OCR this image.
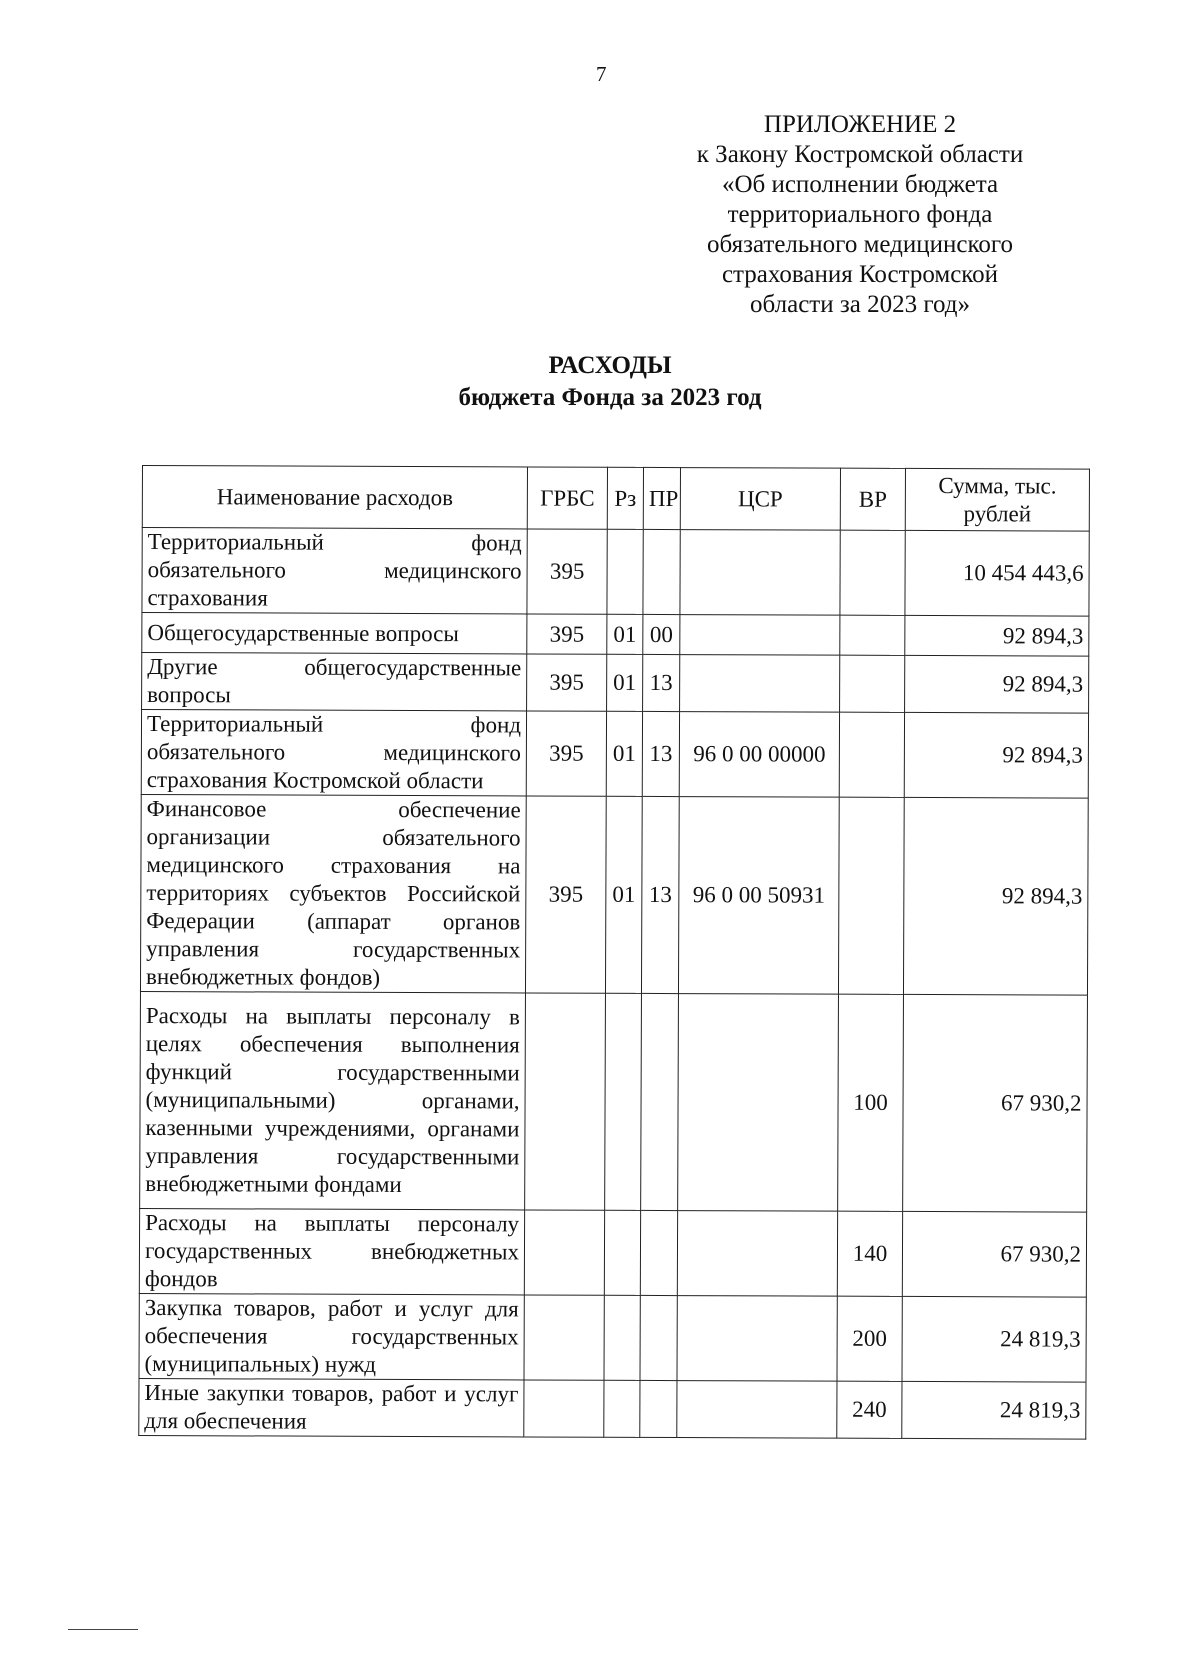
7
ПРИЛОЖЕНИЕ 2
к Закону Костромской области
«Об исполнении бюджета
территориального фонда
обязательного медицинского
страхования Костромской
области за 2023 год»
РАСХОДЫ
бюджета Фонда за 2023 год
Наименование расходов	ГРБС	Рз	ПР	ЦСР	ВР	Сумма, тыс. рублей
Территориальный фонд обязательного медицинского страхования	395					10 454 443,6
Общегосударственные вопросы	395	01	00			92 894,3
Другие общегосударственные вопросы	395	01	13			92 894,3
Территориальный фонд обязательного медицинского страхования Костромской области	395	01	13	96 0 00 00000		92 894,3
Финансовое обеспечение организации обязательного медицинского страхования на территориях субъектов Российской Федерации (аппарат органов управления государственных внебюджетных фондов)	395	01	13	96 0 00 50931		92 894,3
Расходы на выплаты персоналу в целях обеспечения выполнения функций государственными (муниципальными) органами, казенными учреждениями, органами управления государственными внебюджетными фондами					100	67 930,2
Расходы на выплаты персоналу государственных внебюджетных фондов					140	67 930,2
Закупка товаров, работ и услуг для обеспечения государственных (муниципальных) нужд					200	24 819,3
Иные закупки товаров, работ и услуг для обеспечения					240	24 819,3
